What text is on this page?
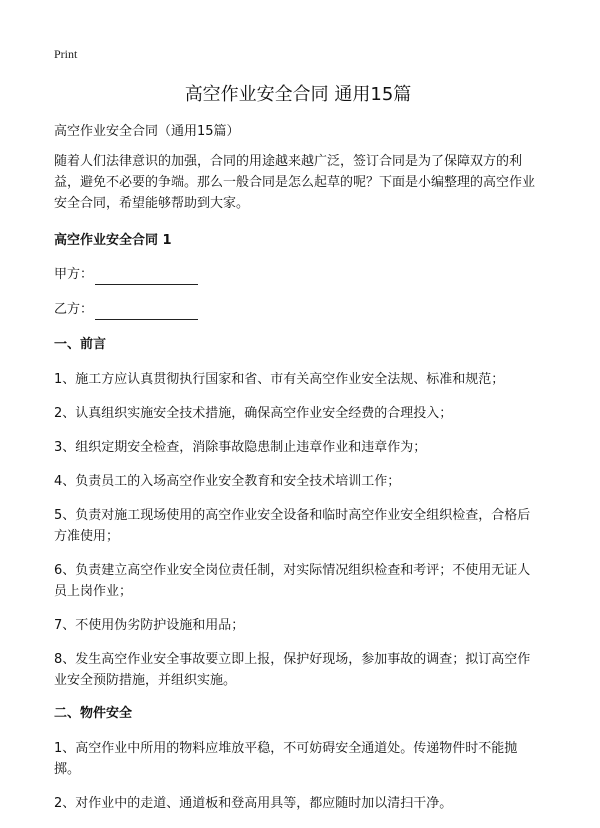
Print
高空作业安全合同 通用15篇

高空作业安全合同（通用15篇）

随着人们法律意识的加强，合同的用途越来越广泛，签订合同是为了保障双方的利益，避免不必要的争端。那么一般合同是怎么起草的呢？下面是小编整理的高空作业安全合同，希望能够帮助到大家。

高空作业安全合同 1
甲方：
乙方：
一、前言

1、施工方应认真贯彻执行国家和省、市有关高空作业安全法规、标准和规范；

2、认真组织实施安全技术措施，确保高空作业安全经费的合理投入；

3、组织定期安全检查，消除事故隐患制止违章作业和违章作为；

4、负责员工的入场高空作业安全教育和安全技术培训工作；

5、负责对施工现场使用的高空作业安全设备和临时高空作业安全组织检查，合格后方准使用；

6、负责建立高空作业安全岗位责任制，对实际情况组织检查和考评；不使用无证人员上岗作业；

7、不使用伪劣防护设施和用品；

8、发生高空作业安全事故要立即上报，保护好现场，参加事故的调查；拟订高空作业安全预防措施，并组织实施。

二、物件安全

1、高空作业中所用的物料应堆放平稳，不可妨碍安全通道处。传递物件时不能抛掷。

2、对作业中的走道、通道板和登高用具等，都应随时加以清扫干净。
